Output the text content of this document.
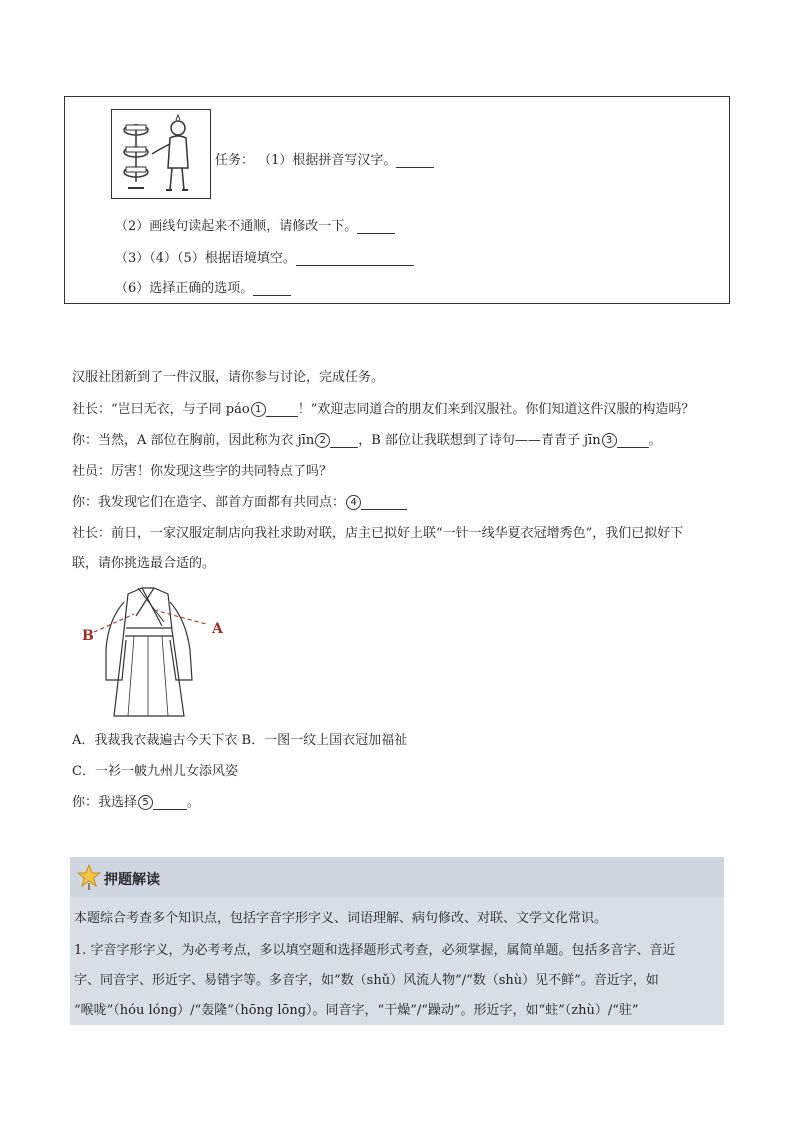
任务： （1）根据拼音写汉字。
（2）画线句读起来不通顺，请修改一下。
（3）（4）（5）根据语境填空。
（6）选择正确的选项。
汉服社团新到了一件汉服，请你参与讨论，完成任务。
社长：“岂曰无衣，与子同 páo 1	！”欢迎志同道合的朋友们来到汉服社。你们知道这件汉服的构造吗？
你：当然，A 部位在胸前，因此称为衣 jīn 2 ，B 部位让我联想到了诗句——青青子 jīn 3	。
社员：厉害！你发现这些字的共同特点了吗？
你：我发现它们在造字、部首方面都有共同点： 4
社长：前日，一家汉服定制店向我社求助对联，店主已拟好上联“一针一线华夏衣冠增秀色”，我们已拟好下
联，请你挑选最合适的。
B	A
A．我裁我衣裁遍古今天下衣 B．一图一纹上国衣冠加福祉
C．一衫一帔九州儿女添风姿
你：我选择 5	。
押题解读
本题综合考查多个知识点，包括字音字形字义、词语理解、病句修改、对联、文学文化常识。
1. 字音字形字义，为必考考点，多以填空题和选择题形式考查，必须掌握，属简单题。包括多音字、音近
字、同音字、形近字、易错字等。多音字，如“数（shǔ）风流人物”/“数（shù）见不鲜”。音近字，如
“喉咙”（hóu lóng）/“轰隆”（hōng lōng）。同音字，“干燥”/“躁动”。形近字，如“蛀”（zhù）/“驻”
